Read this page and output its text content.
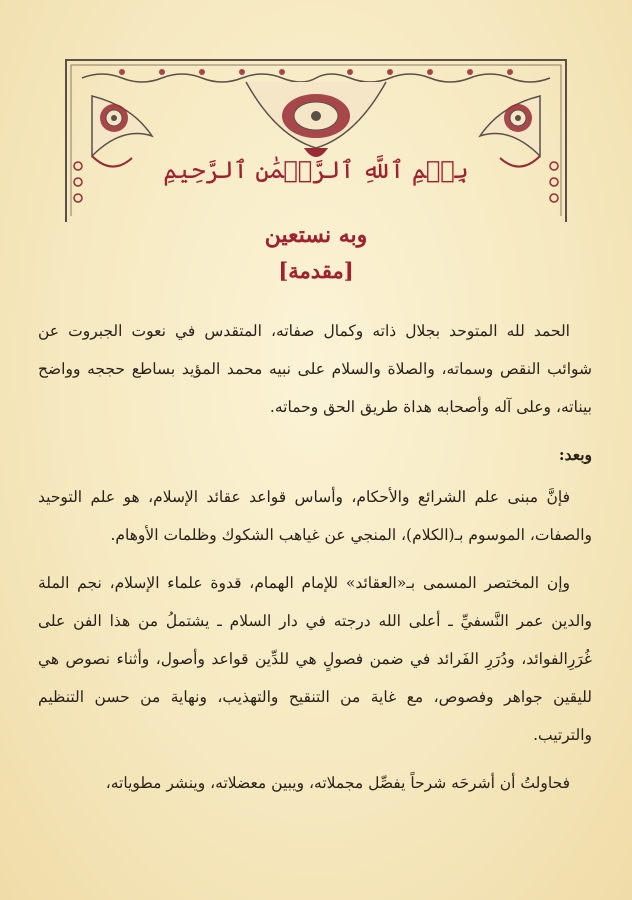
بِسۡمِ ٱللَّهِ ٱلرَّحۡمَٰنِ ٱلرَّحِيمِ
وبه نستعين
[مقدمة]

الحمد لله المتوحد بجلال ذاته وكمال صفاته، المتقدس في نعوت الجبروت عن شوائب النقص وسماته، والصلاة والسلام على نبيه محمد المؤيد بساطع حججه وواضح بيناته، وعلى آله وأصحابه هداة طريق الحق وحماته.

وبعد:

فإنَّ مبنى علم الشرائع والأحكام، وأساس قواعد عقائد الإسلام، هو علم التوحيد والصفات، الموسوم بـ(الكلام)، المنجي عن غياهب الشكوك وظلمات الأوهام.

وإن المختصر المسمى بـ«العقائد» للإمام الهمام، قدوة علماء الإسلام، نجم الملة والدين عمر النَّسفيِّ ـ أعلى الله درجته في دار السلام ـ يشتملُ من هذا الفن على غُرَرِالفوائد، ودُرَرِ الفَرائد في ضمن فصولٍ هي للدِّين قواعد وأصول، وأثناء نصوص هي لليقين جواهر وفصوص، مع غاية من التنقيح والتهذيب، ونهاية من حسن التنظيم والترتيب.

فحاولتُ أن أشرحَه شرحاً يفصِّل مجملاته، ويبين معضلاته، وينشر مطوياته،
